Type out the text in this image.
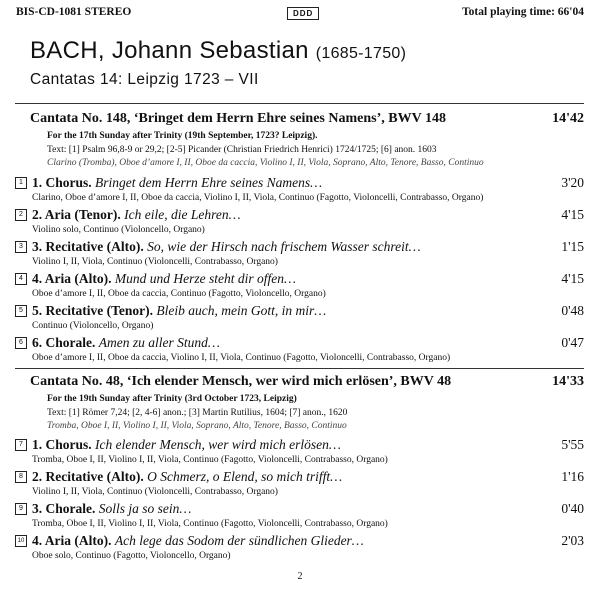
BIS-CD-1081 STEREO	DDD	Total playing time: 66'04
BACH, Johann Sebastian (1685-1750)
Cantatas 14: Leipzig 1723 – VII
Cantata No. 148, ‘Bringet dem Herrn Ehre seines Namens’, BWV 148	14'42
For the 17th Sunday after Trinity (19th September, 1723? Leipzig).
Text: [1] Psalm 96,8-9 or 29,2; [2-5] Picander (Christian Friedrich Henrici) 1724/1725; [6] anon. 1603
Clarino (Tromba), Oboe d’amore I, II, Oboe da caccia, Violino I, II, Viola, Soprano, Alto, Tenore, Basso, Continuo
1 1. Chorus. Bringet dem Herrn Ehre seines Namens…	3'20
Clarino, Oboe d’amore I, II, Oboe da caccia, Violino I, II, Viola, Continuo (Fagotto, Violoncelli, Contrabasso, Organo)
2 2. Aria (Tenor). Ich eile, die Lehren…	4'15
Violino solo, Continuo (Violoncello, Organo)
3 3. Recitative (Alto). So, wie der Hirsch nach frischem Wasser schreit…	1'15
Violino I, II, Viola, Continuo (Violoncelli, Contrabasso, Organo)
4 4. Aria (Alto). Mund und Herze steht dir offen…	4'15
Oboe d’amore I, II, Oboe da caccia, Continuo (Fagotto, Violoncello, Organo)
5 5. Recitative (Tenor). Bleib auch, mein Gott, in mir…	0'48
Continuo (Violoncello, Organo)
6 6. Chorale. Amen zu aller Stund…	0'47
Oboe d’amore I, II, Oboe da caccia, Violino I, II, Viola, Continuo (Fagotto, Violoncelli, Contrabasso, Organo)
Cantata No. 48, ‘Ich elender Mensch, wer wird mich erlösen’, BWV 48	14'33
For the 19th Sunday after Trinity (3rd October 1723, Leipzig)
Text: [1] Römer 7,24; [2, 4-6] anon.; [3] Martin Rutilius, 1604; [7] anon., 1620
Tromba, Oboe I, II, Violino I, II, Viola, Soprano, Alto, Tenore, Basso, Continuo
7 1. Chorus. Ich elender Mensch, wer wird mich erlösen…	5'55
Tromba, Oboe I, II, Violino I, II, Viola, Continuo (Fagotto, Violoncelli, Contrabasso, Organo)
8 2. Recitative (Alto). O Schmerz, o Elend, so mich trifft…	1'16
Violino I, II, Viola, Continuo (Violoncelli, Contrabasso, Organo)
9 3. Chorale. Solls ja so sein…	0'40
Tromba, Oboe I, II, Violino I, II, Viola, Continuo (Fagotto, Violoncelli, Contrabasso, Organo)
10 4. Aria (Alto). Ach lege das Sodom der sündlichen Glieder…	2'03
Oboe solo, Continuo (Fagotto, Violoncello, Organo)
2
